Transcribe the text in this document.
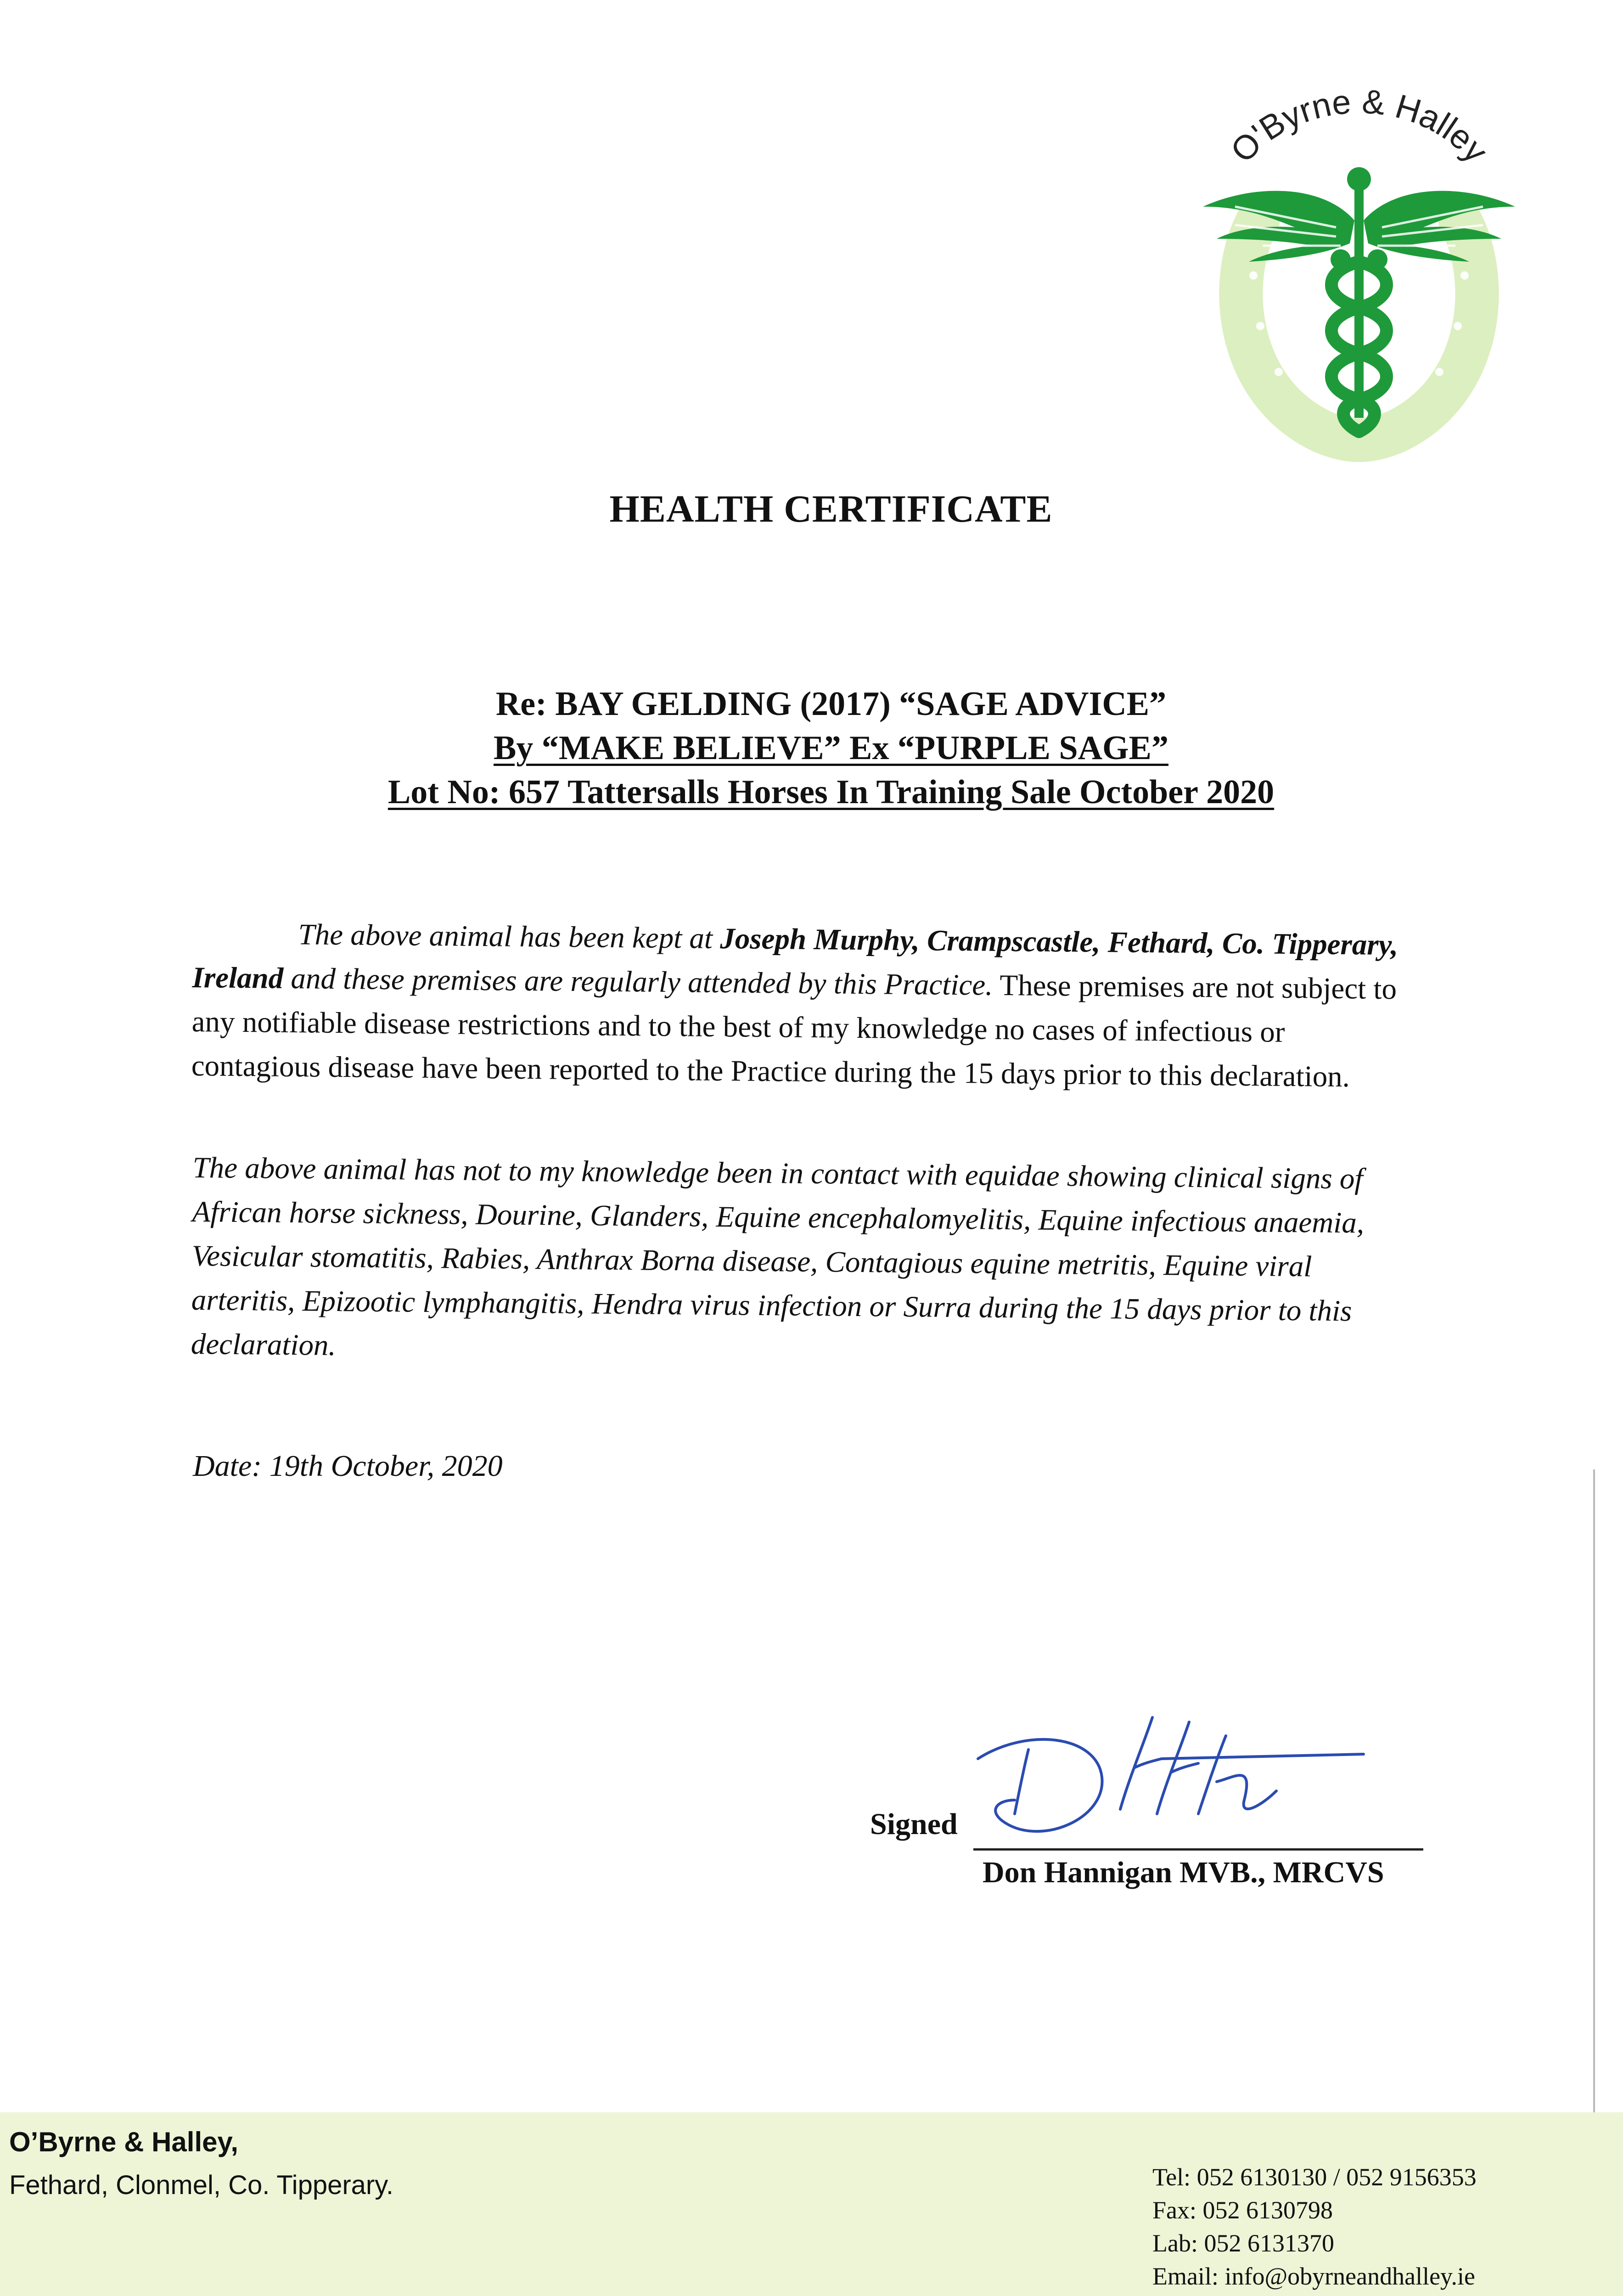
O'Byrne & Halley
HEALTH CERTIFICATE
Re: BAY GELDING (2017) “SAGE ADVICE”
By “MAKE BELIEVE” Ex “PURPLE SAGE”
Lot No: 657 Tattersalls Horses In Training Sale October 2020
The above animal has been kept at Joseph Murphy, Crampscastle, Fethard, Co. Tipperary, Ireland and these premises are regularly attended by this Practice. These premises are not subject to any notifiable disease restrictions and to the best of my knowledge no cases of infectious or contagious disease have been reported to the Practice during the 15 days prior to this declaration.
The above animal has not to my knowledge been in contact with equidae showing clinical signs of African horse sickness, Dourine, Glanders, Equine encephalomyelitis, Equine infectious anaemia, Vesicular stomatitis, Rabies, Anthrax Borna disease, Contagious equine metritis, Equine viral arteritis, Epizootic lymphangitis, Hendra virus infection or Surra during the 15 days prior to this declaration.
Date: 19th October, 2020
Signed
Don Hannigan MVB., MRCVS
O’Byrne & Halley,
Fethard, Clonmel, Co. Tipperary.	Tel: 052 6130130 / 052 9156353
Fax: 052 6130798
Lab: 052 6131370
Email: info@obyrneandhalley.ie
